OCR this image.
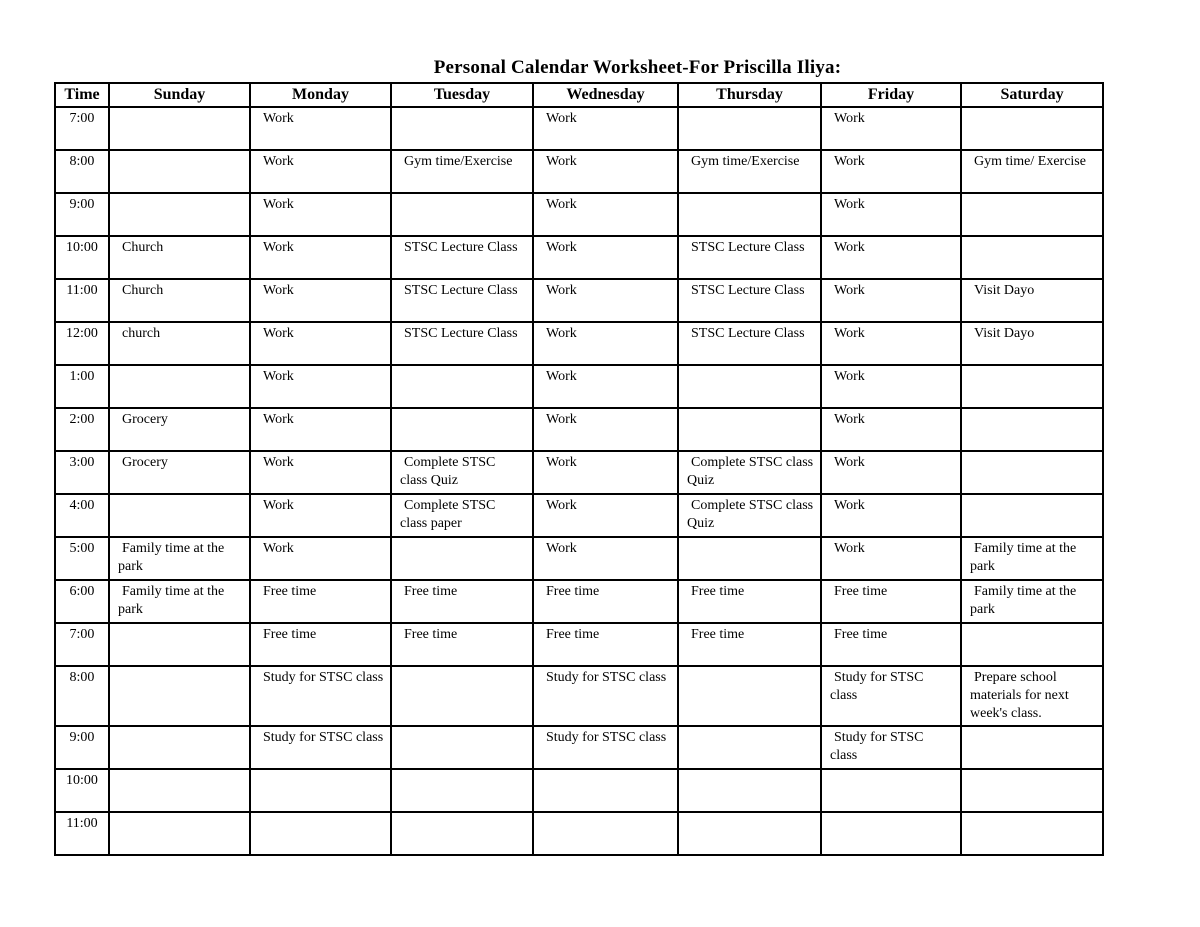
Personal Calendar Worksheet-For Priscilla Iliya:
Time	Sunday	Monday	Tuesday	Wednesday	Thursday	Friday	Saturday
7:00		Work		Work		Work	
8:00		Work	Gym time/Exercise	Work	Gym time/Exercise	Work	Gym time/ Exercise
9:00		Work		Work		Work	
10:00	Church	Work	STSC Lecture Class	Work	STSC Lecture Class	Work	
11:00	Church	Work	STSC Lecture Class	Work	STSC Lecture Class	Work	Visit Dayo
12:00	church	Work	STSC Lecture Class	Work	STSC Lecture Class	Work	Visit Dayo
1:00		Work		Work		Work	
2:00	Grocery	Work		Work		Work	
3:00	Grocery	Work	Complete STSC class Quiz	Work	Complete STSC class Quiz	Work	
4:00		Work	Complete STSC class paper	Work	Complete STSC class Quiz	Work	
5:00	Family time at the park	Work		Work		Work	Family time at the park
6:00	Family time at the park	Free time	Free time	Free time	Free time	Free time	Family time at the park
7:00		Free time	Free time	Free time	Free time	Free time	
8:00		Study for STSC class		Study for STSC class		Study for STSC class	Prepare school materials for next week's class.
9:00		Study for STSC class		Study for STSC class		Study for STSC class	
10:00							
11:00							
